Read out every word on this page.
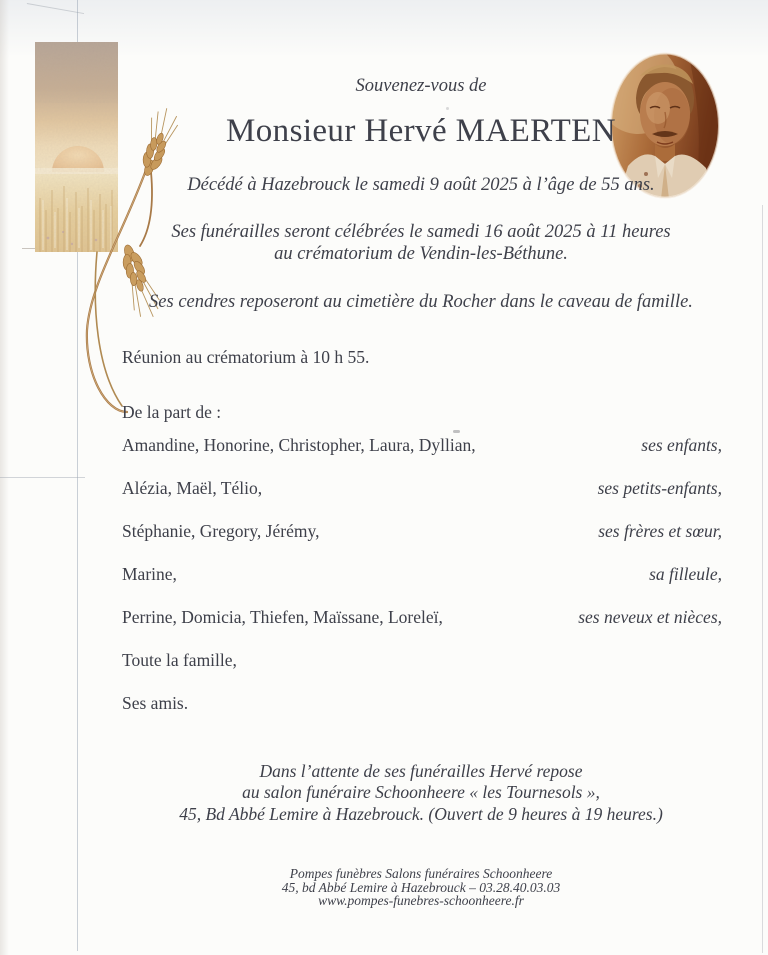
Souvenez-vous de
Monsieur Hervé MAERTEN
Décédé à Hazebrouck le samedi 9 août 2025 à l’âge de 55 ans.
Ses funérailles seront célébrées le samedi 16 août 2025 à 11 heures
au crématorium de Vendin-les-Béthune.
Ses cendres reposeront au cimetière du Rocher dans le caveau de famille.
Réunion au crématorium à 10 h 55.
De la part de :
Amandine, Honorine, Christopher, Laura, Dyllian,	ses enfants,
Alézia, Maël, Télio,	ses petits-enfants,
Stéphanie, Gregory, Jérémy,	ses frères et sœur,
Marine,	sa filleule,
Perrine, Domicia, Thiefen, Maïssane, Loreleï,	ses neveux et nièces,
Toute la famille,
Ses amis.
Dans l’attente de ses funérailles Hervé repose
au salon funéraire Schoonheere « les Tournesols »,
45, Bd Abbé Lemire à Hazebrouck. (Ouvert de 9 heures à 19 heures.)
Pompes funèbres Salons funéraires Schoonheere
45, bd Abbé Lemire à Hazebrouck – 03.28.40.03.03
www.pompes-funebres-schoonheere.fr
